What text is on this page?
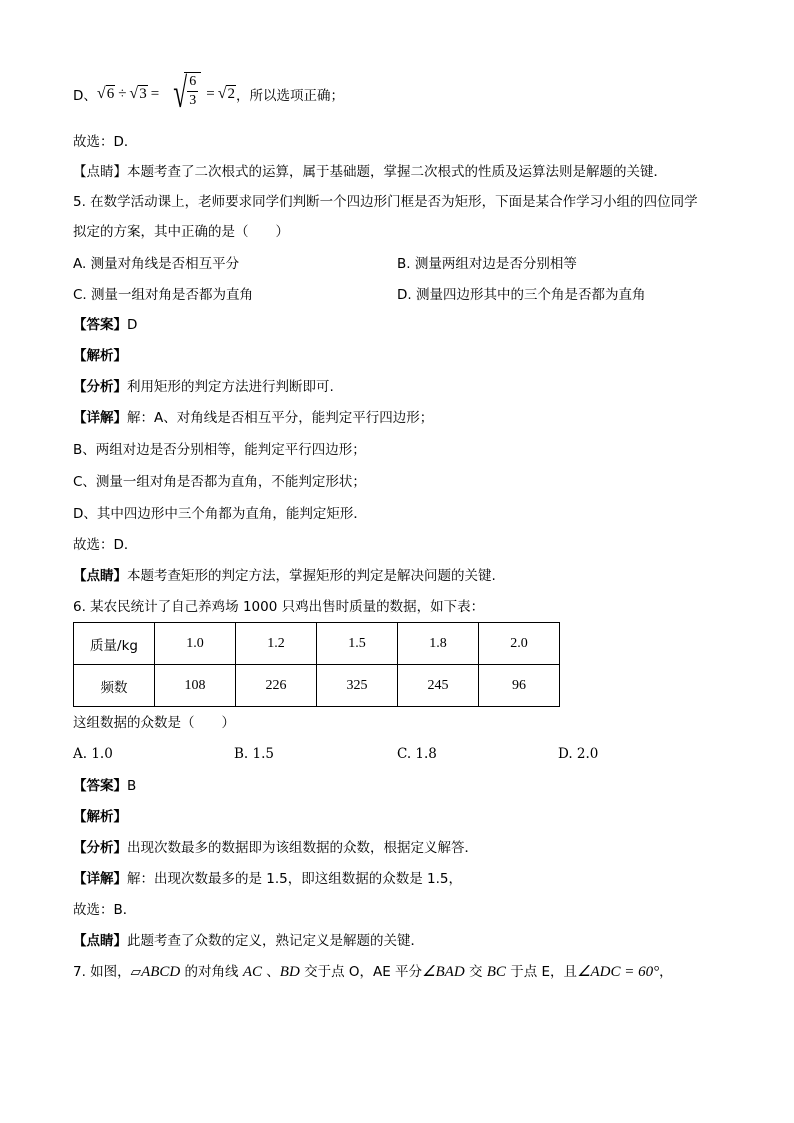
D、 √ 6 ÷ √ 3 = √
$\frac{6}{3}$ = √ 2 ，所以选项正确；
故选：D．
【点睛】本题考查了二次根式的运算，属于基础题，掌握二次根式的性质及运算法则是解题的关键．
5. 在数学活动课上，老师要求同学们判断一个四边形门框是否为矩形，下面是某合作学习小组的四位同学
拟定的方案，其中正确的是（　　）
A. 测量对角线是否相互平分	B. 测量两组对边是否分别相等
C. 测量一组对角是否都为直角	D. 测量四边形其中的三个角是否都为直角
【答案】D
【解析】
【分析】利用矩形的判定方法进行判断即可.
【详解】解：A、对角线是否相互平分，能判定平行四边形；
B、两组对边是否分别相等，能判定平行四边形；
C、测量一组对角是否都为直角，不能判定形状；
D、其中四边形中三个角都为直角，能判定矩形．
故选：D．
【点睛】本题考查矩形的判定方法，掌握矩形的判定是解决问题的关键.
6. 某农民统计了自己养鸡场 1000 只鸡出售时质量的数据，如下表：
质量/kg	1.0	1.2	1.5	1.8	2.0
频数	108	226	325	245	96
这组数据的众数是（　　）
A. 1.0	B. 1.5	C. 1.8	D. 2.0
【答案】B
【解析】
【分析】出现次数最多的数据即为该组数据的众数，根据定义解答．
【详解】解：出现次数最多的是 1.5，即这组数据的众数是 1.5，
故选：B．
【点睛】此题考查了众数的定义，熟记定义是解题的关键．
7. 如图，▱ABCD 的对角线 AC 、BD 交于点 O，AE 平分∠BAD 交 BC 于点 E，且∠ADC = 60°，
